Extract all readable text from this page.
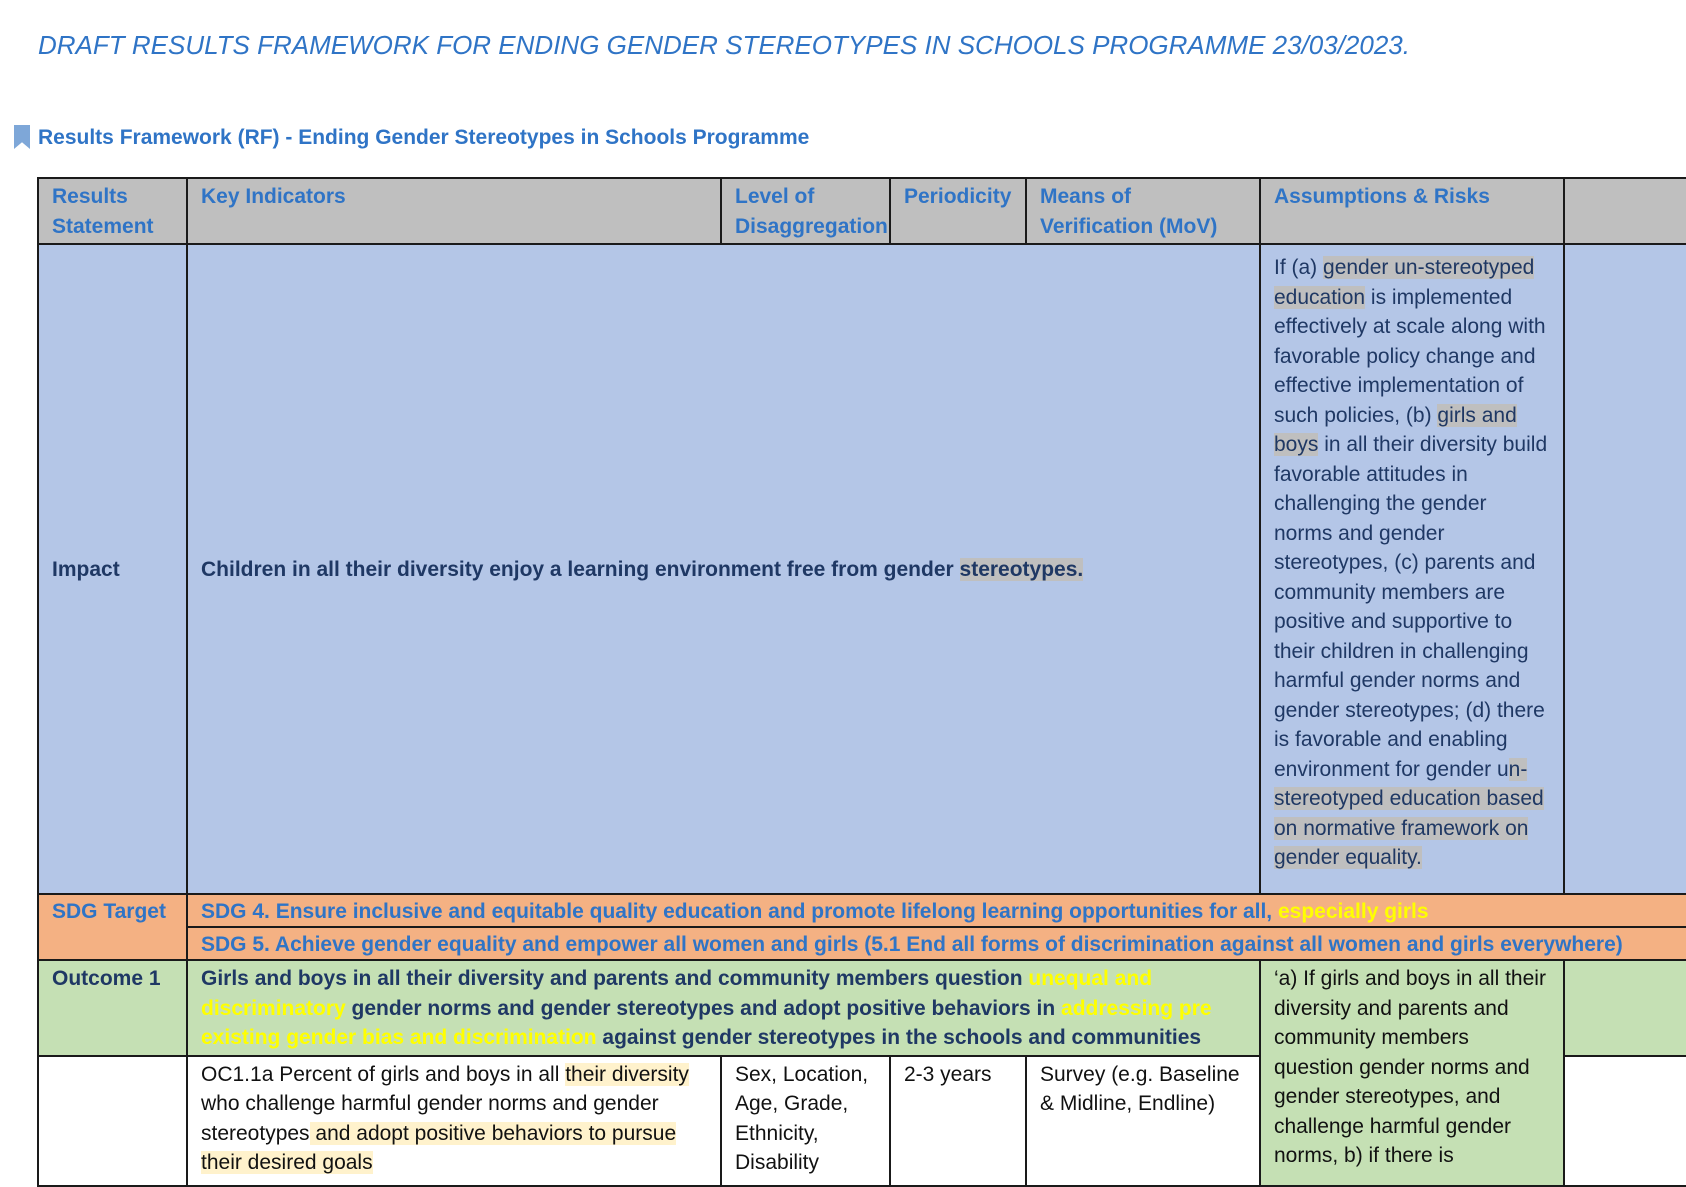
DRAFT RESULTS FRAMEWORK FOR ENDING GENDER STEREOTYPES IN SCHOOLS PROGRAMME 23/03/2023.
Results Framework (RF) - Ending Gender Stereotypes in Schools Programme
Results Statement	Key Indicators	Level of Disaggregation	Periodicity	Means of Verification (MoV)	Assumptions & Risks	
Impact	Children in all their diversity enjoy a learning environment free from gender stereotypes.				If (a) gender un-stereotyped education is implemented effectively at scale along with favorable policy change and effective implementation of such policies, (b) girls and boys in all their diversity build favorable attitudes in challenging the gender norms and gender stereotypes, (c) parents and community members are positive and supportive to their children in challenging harmful gender norms and gender stereotypes; (d) there is favorable and enabling environment for gender un-stereotyped education based on normative framework on gender equality.	
SDG Target	SDG 4. Ensure inclusive and equitable quality education and promote lifelong learning opportunities for all, especially girls					
	SDG 5. Achieve gender equality and empower all women and girls (5.1 End all forms of discrimination against all women and girls everywhere)					
Outcome 1	Girls and boys in all their diversity and parents and community members question unequal and discriminatory gender norms and gender stereotypes and adopt positive behaviors in addressing pre existing gender bias and discrimination against gender stereotypes in the schools and communities				‘a) If girls and boys in all their diversity and parents and community members question gender norms and gender stereotypes, and challenge harmful gender norms, b) if there is	
	OC1.1a Percent of girls and boys in all their diversity who challenge harmful gender norms and gender stereotypes and adopt positive behaviors to pursue their desired goals	Sex, Location, Age, Grade, Ethnicity, Disability	2-3 years	Survey (e.g. Baseline & Midline, Endline)		
